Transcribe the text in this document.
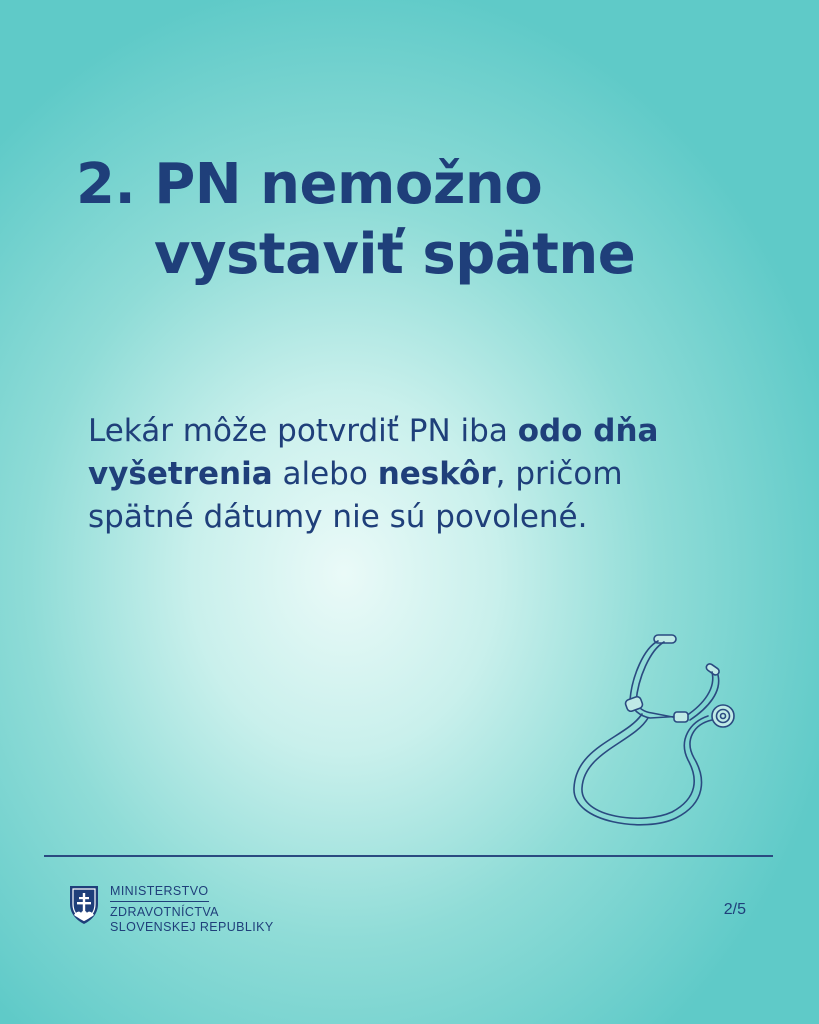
2. PN nemožno
vystaviť spätne

Lekár môže potvrdiť PN iba odo dňa vyšetrenia alebo neskôr, pričom spätné dátumy nie sú povolené.

MINISTERSTVO
ZDRAVOTNÍCTVA
SLOVENSKEJ REPUBLIKY
2/5
